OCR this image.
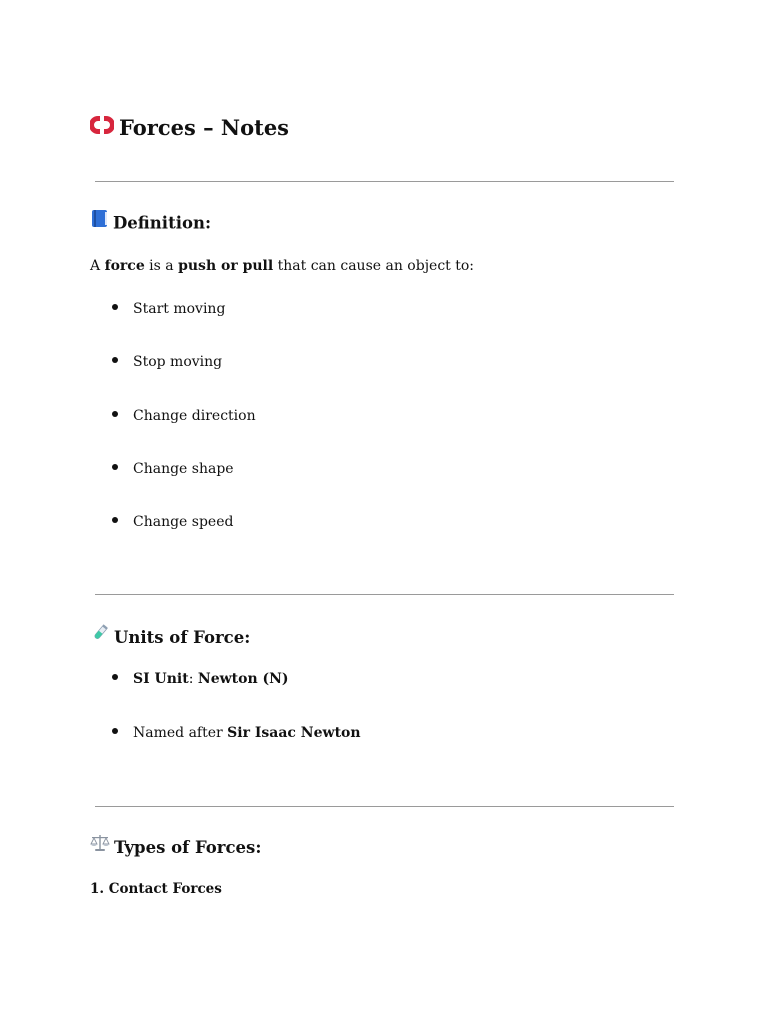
Forces – Notes
Definition:
A force is a push or pull that can cause an object to:
Start moving
Stop moving
Change direction
Change shape
Change speed
Units of Force:
SI Unit: Newton (N)
Named after Sir Isaac Newton
Types of Forces:
1. Contact Forces
